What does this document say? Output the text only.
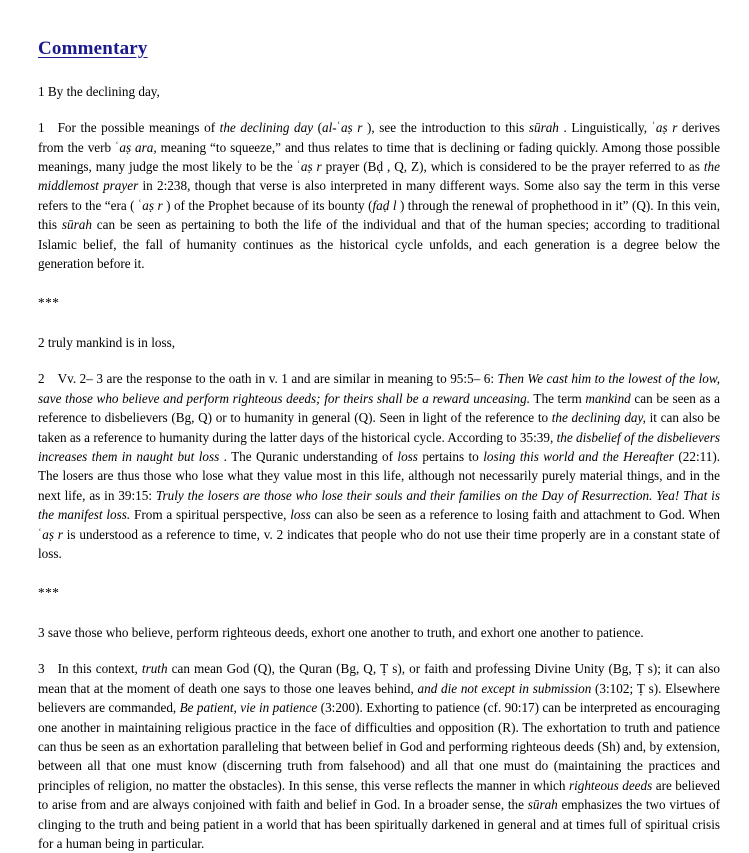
Commentary
1 By the declining day,
1 For the possible meanings of the declining day (al-ʿaṣ r ), see the introduction to this sūrah . Linguistically, ʿaṣ r derives from the verb ʿaṣ ara, meaning “to squeeze,” and thus relates to time that is declining or fading quickly. Among those possible meanings, many judge the most likely to be the ʿaṣ r prayer (Bḍ , Q, Z), which is considered to be the prayer referred to as the middlemost prayer in 2:238, though that verse is also interpreted in many different ways. Some also say the term in this verse refers to the “era ( ʿaṣ r ) of the Prophet because of its bounty (faḍ l ) through the renewal of prophethood in it” (Q). In this vein, this sūrah can be seen as pertaining to both the life of the individual and that of the human species; according to traditional Islamic belief, the fall of humanity continues as the historical cycle unfolds, and each generation is a degree below the generation before it.
***
2 truly mankind is in loss,
2 Vv. 2– 3 are the response to the oath in v. 1 and are similar in meaning to 95:5– 6: Then We cast him to the lowest of the low, save those who believe and perform righteous deeds; for theirs shall be a reward unceasing. The term mankind can be seen as a reference to disbelievers (Bg, Q) or to humanity in general (Q). Seen in light of the reference to the declining day, it can also be taken as a reference to humanity during the latter days of the historical cycle. According to 35:39, the disbelief of the disbelievers increases them in naught but loss . The Quranic understanding of loss pertains to losing this world and the Hereafter (22:11). The losers are thus those who lose what they value most in this life, although not necessarily purely material things, and in the next life, as in 39:15: Truly the losers are those who lose their souls and their families on the Day of Resurrection. Yea! That is the manifest loss. From a spiritual perspective, loss can also be seen as a reference to losing faith and attachment to God. When ʿaṣ r is understood as a reference to time, v. 2 indicates that people who do not use their time properly are in a constant state of loss.
***
3 save those who believe, perform righteous deeds, exhort one another to truth, and exhort one another to patience.
3 In this context, truth can mean God (Q), the Quran (Bg, Q, Ṭ s), or faith and professing Divine Unity (Bg, Ṭ s); it can also mean that at the moment of death one says to those one leaves behind, and die not except in submission (3:102; Ṭ s). Elsewhere believers are commanded, Be patient, vie in patience (3:200). Exhorting to patience (cf. 90:17) can be interpreted as encouraging one another in maintaining religious practice in the face of difficulties and opposition (R). The exhortation to truth and patience can thus be seen as an exhortation paralleling that between belief in God and performing righteous deeds (Sh) and, by extension, between all that one must know (discerning truth from falsehood) and all that one must do (maintaining the practices and principles of religion, no matter the obstacles). In this sense, this verse reflects the manner in which righteous deeds are believed to arise from and are always conjoined with faith and belief in God. In a broader sense, the sūrah emphasizes the two virtues of clinging to the truth and being patient in a world that has been spiritually darkened in general and at times full of spiritual crisis for a human being in particular.
